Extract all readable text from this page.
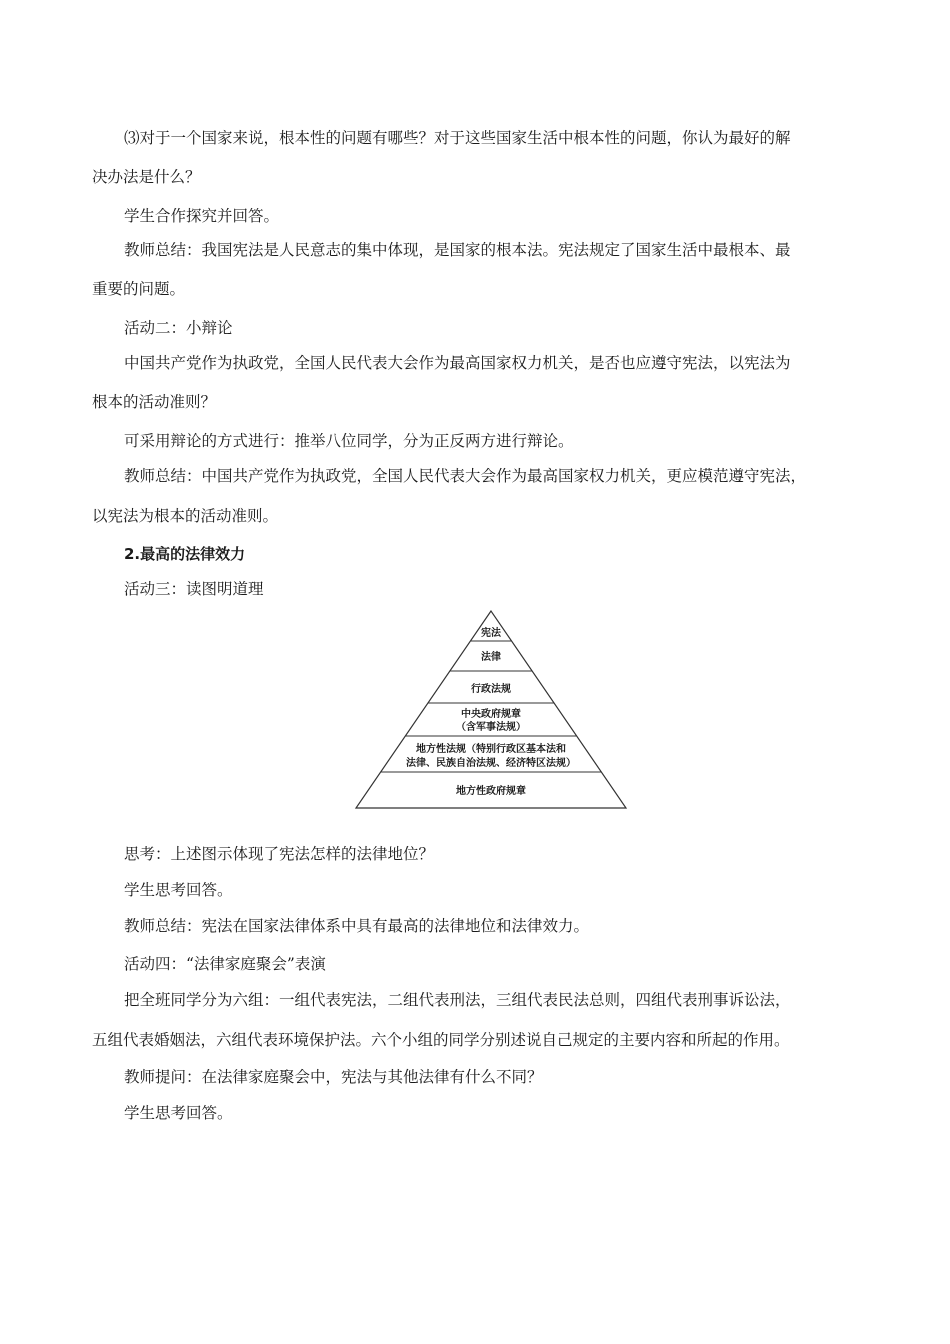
⑶对于一个国家来说，根本性的问题有哪些？对于这些国家生活中根本性的问题，你认为最好的解
决办法是什么？
学生合作探究并回答。
教师总结：我国宪法是人民意志的集中体现，是国家的根本法。宪法规定了国家生活中最根本、最
重要的问题。
活动二：小辩论
中国共产党作为执政党，全国人民代表大会作为最高国家权力机关，是否也应遵守宪法，以宪法为
根本的活动准则？
可采用辩论的方式进行：推举八位同学，分为正反两方进行辩论。
教师总结：中国共产党作为执政党，全国人民代表大会作为最高国家权力机关，更应模范遵守宪法，
以宪法为根本的活动准则。
2.最高的法律效力
活动三：读图明道理
宪法
法律
行政法规
中央政府规章
（含军事法规）
地方性法规（特别行政区基本法和
法律、民族自治法规、经济特区法规）
地方性政府规章
思考：上述图示体现了宪法怎样的法律地位？
学生思考回答。
教师总结：宪法在国家法律体系中具有最高的法律地位和法律效力。
活动四：“法律家庭聚会”表演
把全班同学分为六组：一组代表宪法，二组代表刑法，三组代表民法总则，四组代表刑事诉讼法，
五组代表婚姻法，六组代表环境保护法。六个小组的同学分别述说自己规定的主要内容和所起的作用。
教师提问：在法律家庭聚会中，宪法与其他法律有什么不同？
学生思考回答。
